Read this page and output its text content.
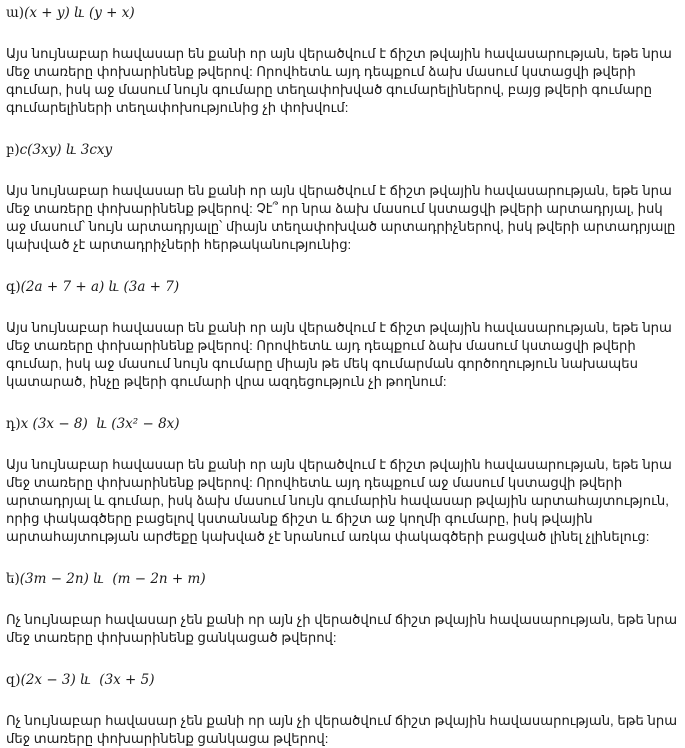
ա)(x + y) և (y + x)
Այս նույնաբար հավասար են քանի որ այն վերածվում է ճիշտ թվային հավասարության, եթե նրա մեջ տառերը փոխարինենք թվերով: Որովհետև այդ դեպքում ձախ մասում կստացվի թվերի գումար, իսկ աջ մասում նույն գումարը տեղափոխված գումարելիներով, բայց թվերի գումարը գումարելիների տեղափոխությունից չի փոխվում:
բ)c(3xy) և 3cxy
Այս նույնաբար հավասար են քանի որ այն վերածվում է ճիշտ թվային հավասարության, եթե նրա մեջ տառերը փոխարինենք թվերով: Չէ՞ որ նրա ձախ մասում կստացվի թվերի արտադրյալ, իսկ աջ մասում՝ նույն արտադրյալը՝ միայն տեղափոխված արտադրիչներով, իսկ թվերի արտադրյալը կախված չէ արտադրիչների հերթականությունից:
գ)(2a + 7 + a) և (3a + 7)
Այս նույնաբար հավասար են քանի որ այն վերածվում է ճիշտ թվային հավասարության, եթե նրա մեջ տառերը փոխարինենք թվերով: Որովհետև այդ դեպքում ձախ մասում կստացվի թվերի գումար, իսկ աջ մասում նույն գումարը միայն թե մեկ գումարման գործողություն նախապես կատարած, ինչը թվերի գումարի վրա ազդեցություն չի թողնում:
դ)x (3x − 8)  և (3x² − 8x)
Այս նույնաբար հավասար են քանի որ այն վերածվում է ճիշտ թվային հավասարության, եթե նրա մեջ տառերը փոխարինենք թվերով: Որովհետև այդ դեպքում աջ մասում կստացվի թվերի արտադրյալ և գումար, իսկ ձախ մասում նույն գումարին հավասար թվային արտահայտություն, որից փակագծերը բացելով կստանանք ճիշտ և ճիշտ աջ կողմի գումարը, իսկ թվային արտահայտության արժեքը կախված չէ նրանում առկա փակագծերի բացված լինել չլինելուց:
ե)(3m − 2n) և  (m − 2n + m)
Ոչ նույնաբար հավասար չեն քանի որ այն չի վերածվում ճիշտ թվային հավասարության, եթե նրա մեջ տառերը փոխարինենք ցանկացած թվերով:
զ)(2x − 3) և  (3x + 5)
Ոչ նույնաբար հավասար չեն քանի որ այն չի վերածվում ճիշտ թվային հավասարության, եթե նրա մեջ տառերը փոխարինենք ցանկացա թվերով:
